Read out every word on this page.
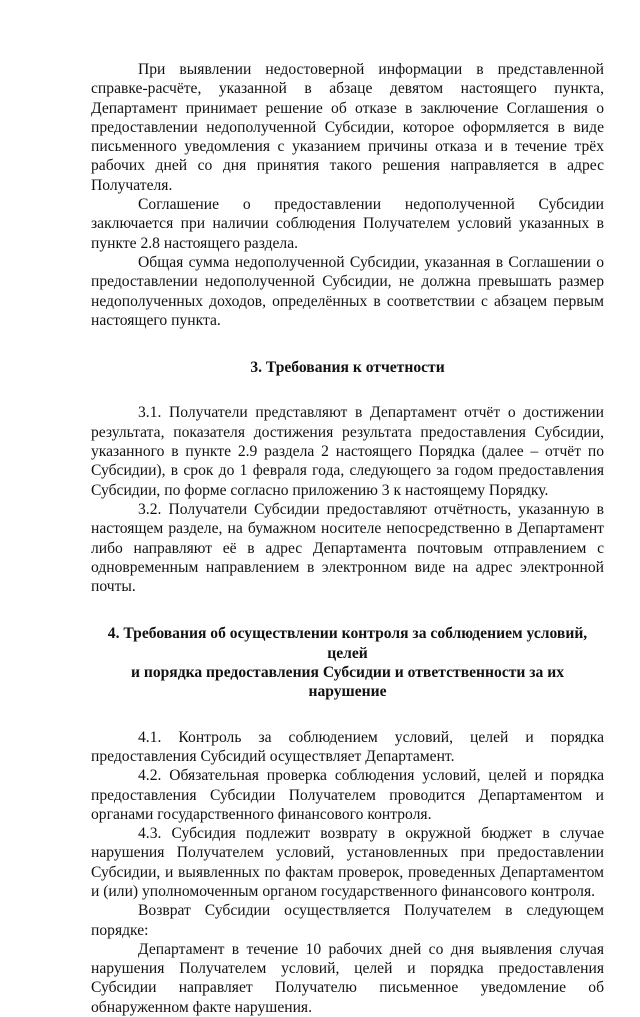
При выявлении недостоверной информации в представленной справке-расчёте, указанной в абзаце девятом настоящего пункта, Департамент принимает решение об отказе в заключение Соглашения о предоставлении недополученной Субсидии, которое оформляется в виде письменного уведомления с указанием причины отказа и в течение трёх рабочих дней со дня принятия такого решения направляется в адрес Получателя.

Соглашение о предоставлении недополученной Субсидии заключается при наличии соблюдения Получателем условий указанных в пункте 2.8 настоящего раздела.

Общая сумма недополученной Субсидии, указанная в Соглашении о предоставлении недополученной Субсидии, не должна превышать размер недополученных доходов, определённых в соответствии с абзацем первым настоящего пункта.

3. Требования к отчетности

3.1. Получатели представляют в Департамент отчёт о достижении результата, показателя достижения результата предоставления Субсидии, указанного в пункте 2.9 раздела 2 настоящего Порядка (далее – отчёт по Субсидии), в срок до 1 февраля года, следующего за годом предоставления Субсидии, по форме согласно приложению 3 к настоящему Порядку.

3.2. Получатели Субсидии предоставляют отчётность, указанную в настоящем разделе, на бумажном носителе непосредственно в Департамент либо направляют её в адрес Департамента почтовым отправлением с одновременным направлением в электронном виде на адрес электронной почты.

4. Требования об осуществлении контроля за соблюдением условий, целей

и порядка предоставления Субсидии и ответственности за их нарушение

4.1. Контроль за соблюдением условий, целей и порядка предоставления Субсидий осуществляет Департамент.

4.2. Обязательная проверка соблюдения условий, целей и порядка предоставления Субсидии Получателем проводится Департаментом и органами государственного финансового контроля.

4.3. Субсидия подлежит возврату в окружной бюджет в случае нарушения Получателем условий, установленных при предоставлении Субсидии, и выявленных по фактам проверок, проведенных Департаментом и (или) уполномоченным органом государственного финансового контроля.

Возврат Субсидии осуществляется Получателем в следующем порядке:

Департамент в течение 10 рабочих дней со дня выявления случая нарушения Получателем условий, целей и порядка предоставления Субсидии направляет Получателю письменное уведомление об обнаруженном факте нарушения.
